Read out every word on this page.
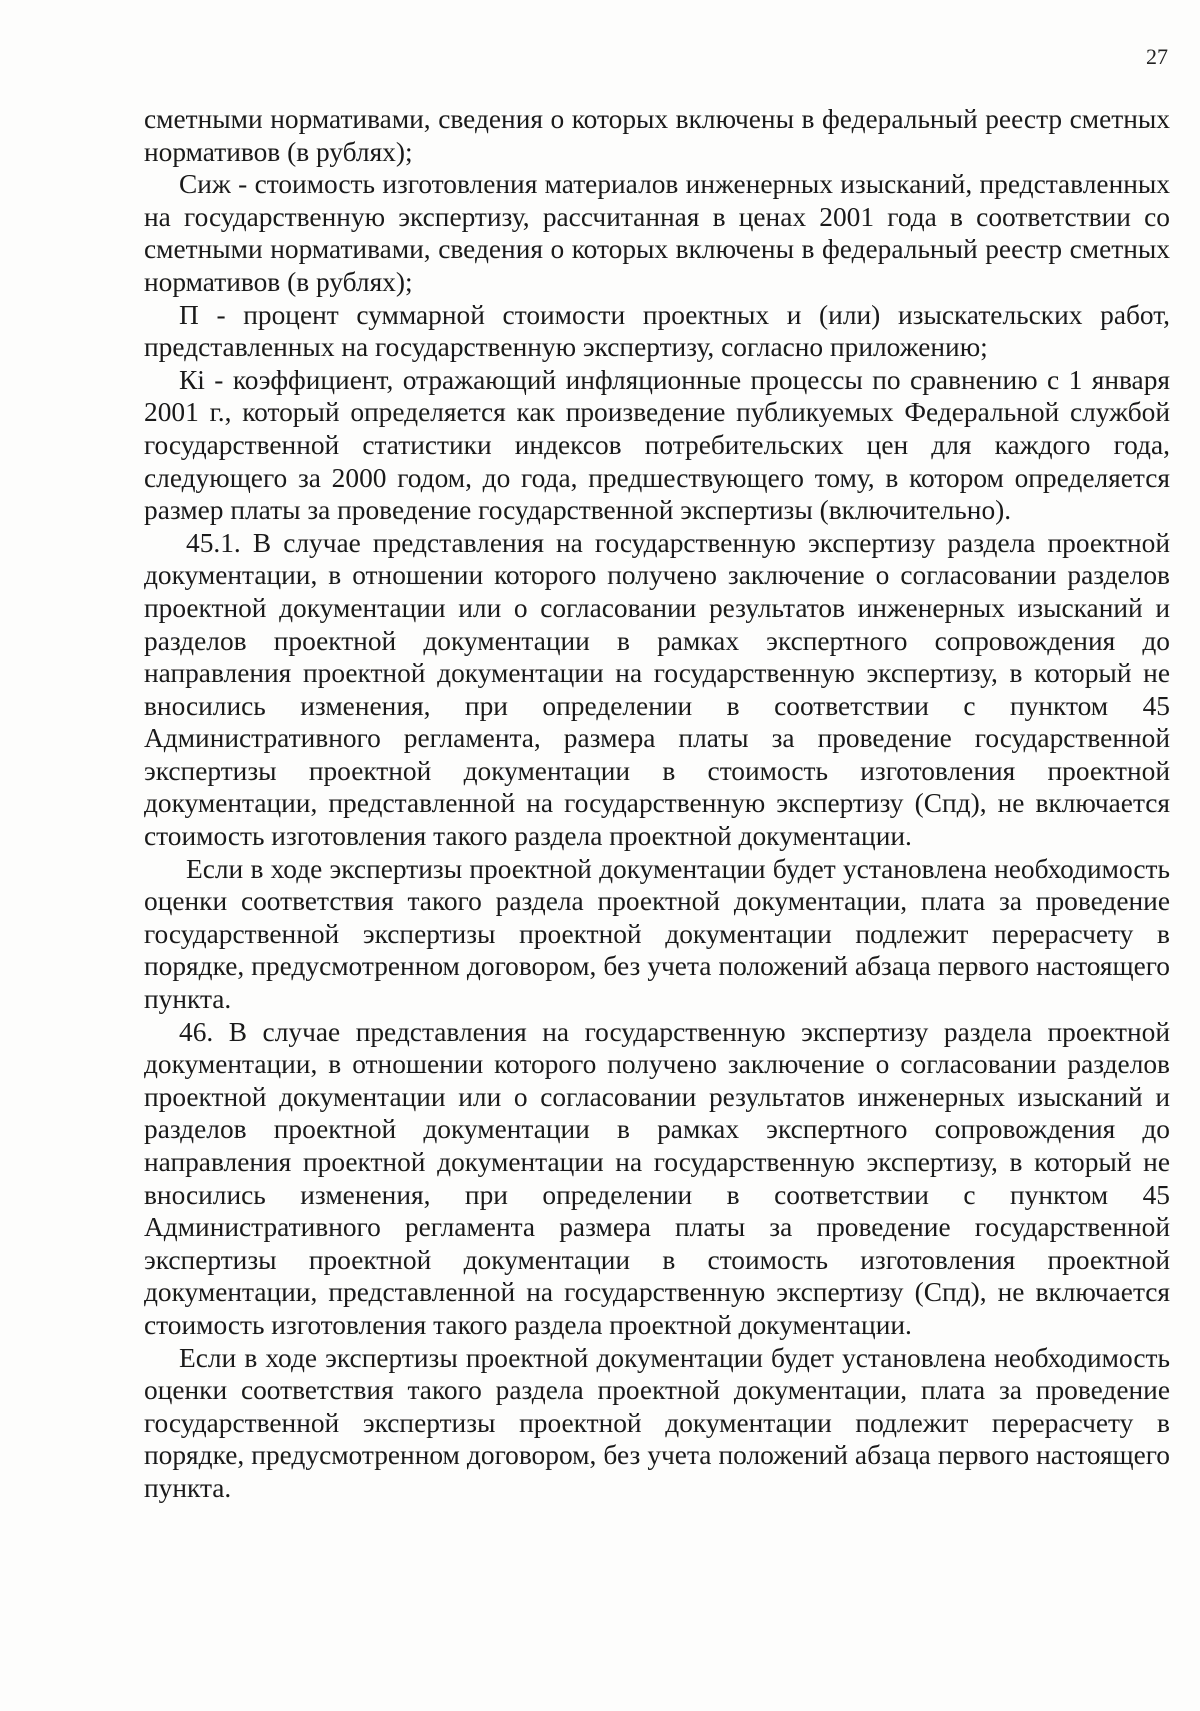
27

сметными нормативами, сведения о которых включены в федеральный реестр сметных нормативов (в рублях);

Сиж - стоимость изготовления материалов инженерных изысканий, представленных на государственную экспертизу, рассчитанная в ценах 2001 года в соответствии со сметными нормативами, сведения о которых включены в федеральный реестр сметных нормативов (в рублях);

П - процент суммарной стоимости проектных и (или) изыскательских работ, представленных на государственную экспертизу, согласно приложению;

Кi - коэффициент, отражающий инфляционные процессы по сравнению с 1 января 2001 г., который определяется как произведение публикуемых Федеральной службой государственной статистики индексов потребительских цен для каждого года, следующего за 2000 годом, до года, предшествующего тому, в котором определяется размер платы за проведение государственной экспертизы (включительно).

45.1. В случае представления на государственную экспертизу раздела проектной документации, в отношении которого получено заключение о согласовании разделов проектной документации или о согласовании результатов инженерных изысканий и разделов проектной документации в рамках экспертного сопровождения до направления проектной документации на государственную экспертизу, в который не вносились изменения, при определении в соответствии с пунктом 45 Административного регламента, размера платы за проведение государственной экспертизы проектной документации в стоимость изготовления проектной документации, представленной на государственную экспертизу (Спд), не включается стоимость изготовления такого раздела проектной документации.

Если в ходе экспертизы проектной документации будет установлена необходимость оценки соответствия такого раздела проектной документации, плата за проведение государственной экспертизы проектной документации подлежит перерасчету в порядке, предусмотренном договором, без учета положений абзаца первого настоящего пункта.

46. В случае представления на государственную экспертизу раздела проектной документации, в отношении которого получено заключение о согласовании разделов проектной документации или о согласовании результатов инженерных изысканий и разделов проектной документации в рамках экспертного сопровождения до направления проектной документации на государственную экспертизу, в который не вносились изменения, при определении в соответствии с пунктом 45 Административного регламента размера платы за проведение государственной экспертизы проектной документации в стоимость изготовления проектной документации, представленной на государственную экспертизу (Спд), не включается стоимость изготовления такого раздела проектной документации.

Если в ходе экспертизы проектной документации будет установлена необходимость оценки соответствия такого раздела проектной документации, плата за проведение государственной экспертизы проектной документации подлежит перерасчету в порядке, предусмотренном договором, без учета положений абзаца первого настоящего пункта.
